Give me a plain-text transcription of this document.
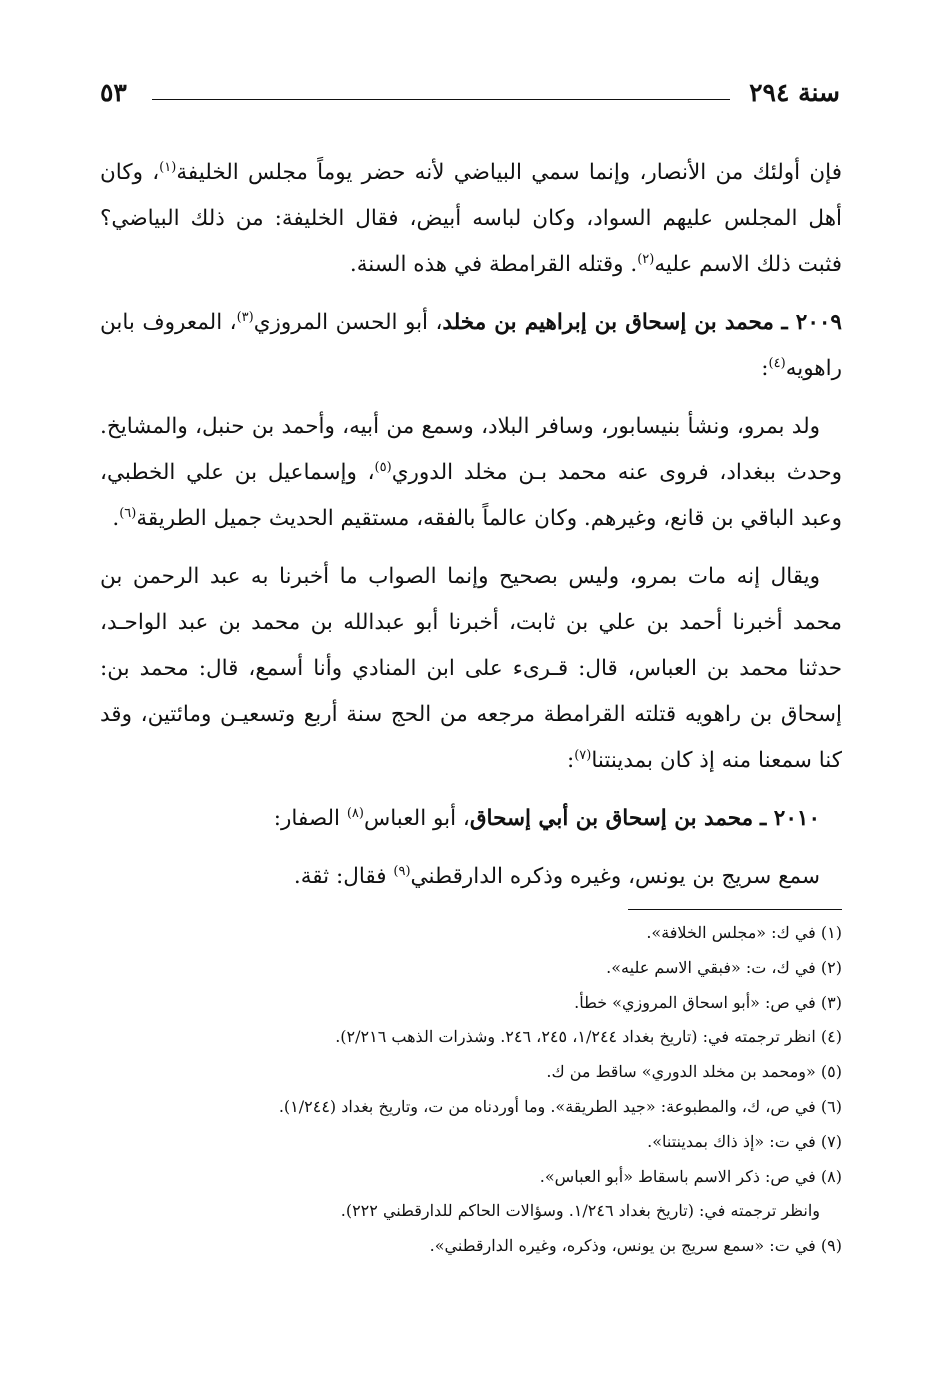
سنة ٢٩٤
٥٣

فإن أولئك من الأنصار، وإنما سمي البياضي لأنه حضر يوماً مجلس الخليفة$^{(١)}$، وكان أهل المجلس عليهم السواد، وكان لباسه أبيض، فقال الخليفة: من ذلك البياضي؟ فثبت ذلك الاسم عليه$^{(٢)}$. وقتله القرامطة في هذه السنة.

٢٠٠٩ ـ محمد بن إسحاق بن إبراهيم بن مخلد، أبو الحسن المروزي$^{(٣)}$، المعروف بابن راهويه$^{(٤)}$:

ولد بمرو، ونشأ بنيسابور، وسافر البلاد، وسمع من أبيه، وأحمد بن حنبل، والمشايخ. وحدث ببغداد، فروى عنه محمد بـن مخلد الدوري$^{(٥)}$، وإسماعيل بن علي الخطبي، وعبد الباقي بن قانع، وغيرهم. وكان عالماً بالفقه، مستقيم الحديث جميل الطريقة$^{(٦)}$.

ويقال إنه مات بمرو، وليس بصحيح وإنما الصواب ما أخبرنا به عبد الرحمن بن محمد أخبرنا أحمد بن علي بن ثابت، أخبرنا أبو عبدالله بن محمد بن عبد الواحـد، حدثنا محمد بن العباس، قال: قـرىء على ابن المنادي وأنا أسمع، قال: محمد بن: إسحاق بن راهويه قتلته القرامطة مرجعه من الحج سنة أربع وتسعيـن ومائتين، وقد كنا سمعنا منه إذ كان بمدينتنا$^{(٧)}$:

٢٠١٠ ـ محمد بن إسحاق بن أبي إسحاق، أبو العباس$^{(٨)}$ الصفار:

سمع سريج بن يونس، وغيره وذكره الدارقطني$^{(٩)}$ فقال: ثقة.

(١) في ك: «مجلس الخلافة».

(٢) في ك، ت: «فبقي الاسم عليه».

(٣) في ص: «أبو اسحاق المروزي» خطأ.

(٤) انظر ترجمته في: (تاريخ بغداد ١/٢٤٤، ٢٤٥، ٢٤٦. وشذرات الذهب ٢/٢١٦).

(٥) «ومحمد بن مخلد الدوري» ساقط من ك.

(٦) في ص، ك، والمطبوعة: «جيد الطريقة». وما أوردناه من ت، وتاريخ بغداد (١/٢٤٤).

(٧) في ت: «إذ ذاك بمدينتنا».

(٨) في ص: ذكر الاسم باسقاط «أبو العباس».

وانظر ترجمته في: (تاريخ بغداد ١/٢٤٦. وسؤالات الحاكم للدارقطني ٢٢٢).

(٩) في ت: «سمع سريج بن يونس، وذكره، وغيره الدارقطني».
